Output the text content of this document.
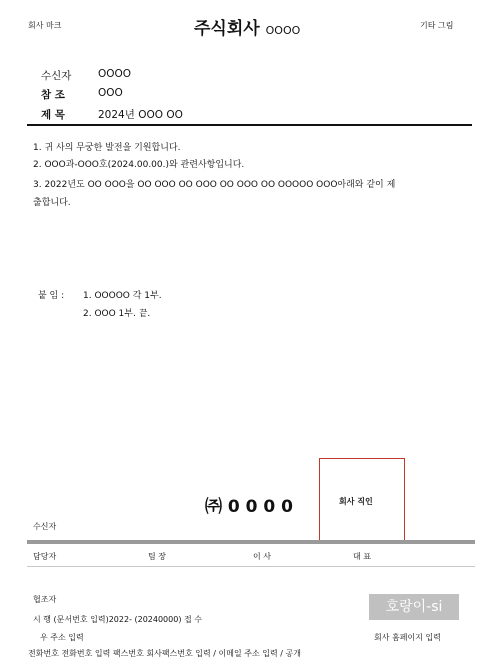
회사 마크	주식회사 OOOO	기타 그림
수신자	OOOO
참 조	OOO
제 목	2024년 OOO OO
1. 귀 사의 무궁한 발전을 기원합니다.
2. OOO과-OOO호(2024.00.00.)와 관련사항입니다.
3. 2022년도 OO OOO을 OO OOO OO OOO OO OOO OO OOOOO OOO아래와 같이 제
출합니다.
붙 임 : 1. OOOOO 각 1부.
2. OOO 1부. 끝.
㈜ 0 0 0 0	회사 직인
수신자
담당자	팀 장	이 사	대 표
협조자
시 행 (문서번호 입력)2022- (20240000) 접 수
우 주소 입력	회사 홈페이지 입력
전화번호 전화번호 입력 팩스번호 회사팩스번호 입력 / 이메일 주소 입력 / 공개
호랑이-si
